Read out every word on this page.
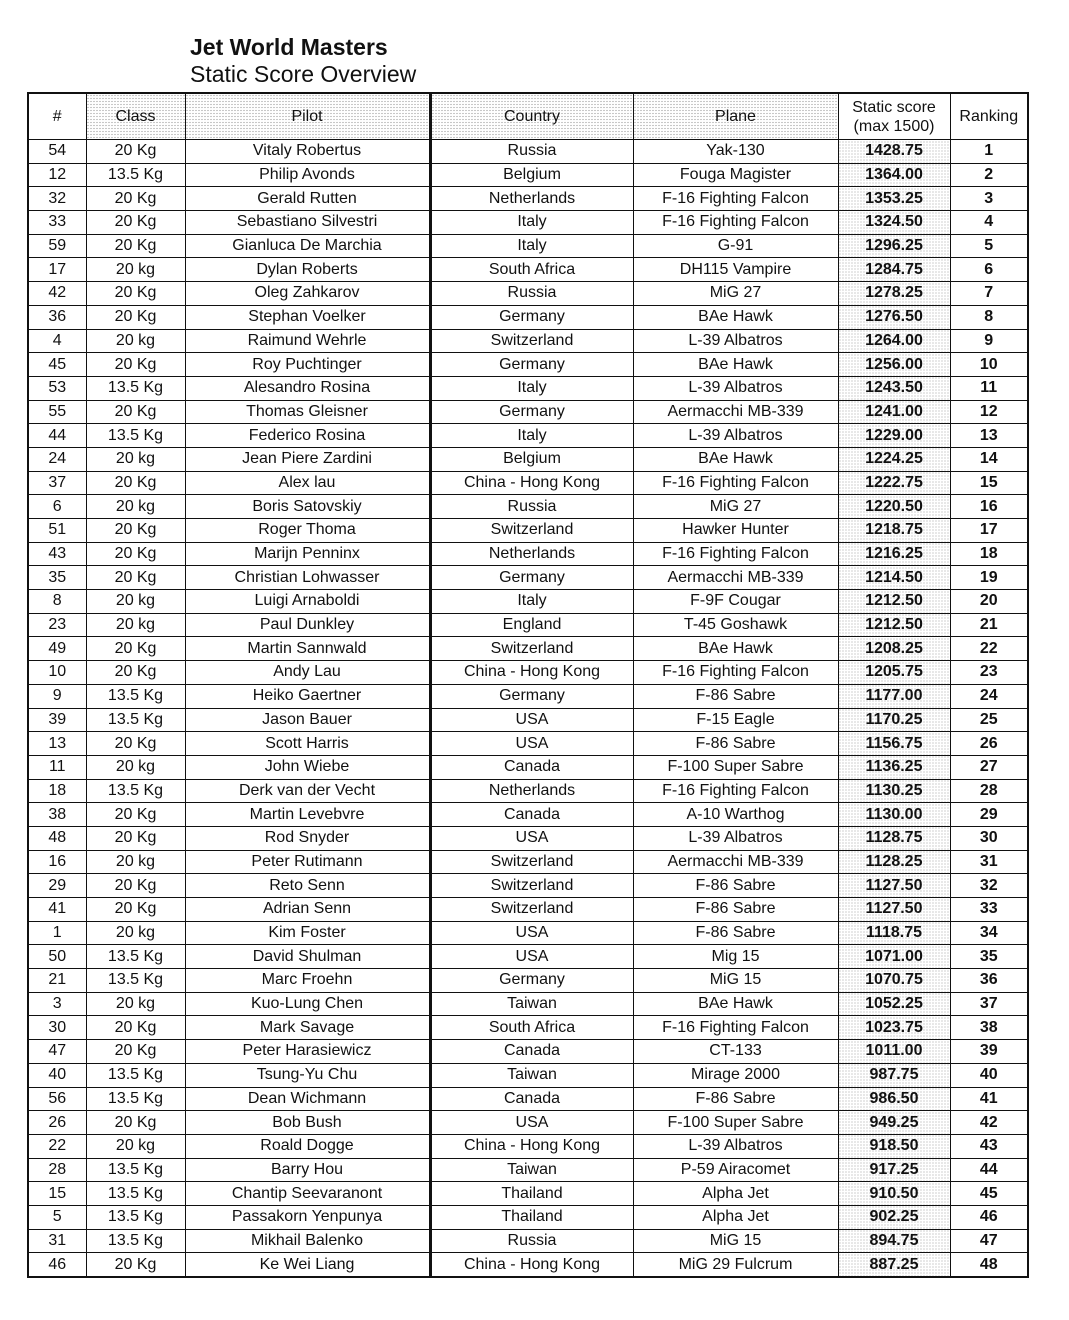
Jet World Masters
Static Score Overview
#	Class	Pilot	Country	Plane	Static score (max 1500)	Ranking
54	20 Kg	Vitaly Robertus	Russia	Yak-130	1428.75	1
12	13.5 Kg	Philip Avonds	Belgium	Fouga Magister	1364.00	2
32	20 Kg	Gerald Rutten	Netherlands	F-16 Fighting Falcon	1353.25	3
33	20 Kg	Sebastiano Silvestri	Italy	F-16 Fighting Falcon	1324.50	4
59	20 Kg	Gianluca De Marchia	Italy	G-91	1296.25	5
17	20 kg	Dylan Roberts	South Africa	DH115 Vampire	1284.75	6
42	20 Kg	Oleg Zahkarov	Russia	MiG 27	1278.25	7
36	20 Kg	Stephan Voelker	Germany	BAe Hawk	1276.50	8
4	20 kg	Raimund Wehrle	Switzerland	L-39 Albatros	1264.00	9
45	20 Kg	Roy Puchtinger	Germany	BAe Hawk	1256.00	10
53	13.5 Kg	Alesandro Rosina	Italy	L-39 Albatros	1243.50	11
55	20 Kg	Thomas Gleisner	Germany	Aermacchi MB-339	1241.00	12
44	13.5 Kg	Federico Rosina	Italy	L-39 Albatros	1229.00	13
24	20 kg	Jean Piere Zardini	Belgium	BAe Hawk	1224.25	14
37	20 Kg	Alex lau	China - Hong Kong	F-16 Fighting Falcon	1222.75	15
6	20 kg	Boris Satovskiy	Russia	MiG 27	1220.50	16
51	20 Kg	Roger Thoma	Switzerland	Hawker Hunter	1218.75	17
43	20 Kg	Marijn Penninx	Netherlands	F-16 Fighting Falcon	1216.25	18
35	20 Kg	Christian Lohwasser	Germany	Aermacchi MB-339	1214.50	19
8	20 kg	Luigi Arnaboldi	Italy	F-9F Cougar	1212.50	20
23	20 kg	Paul Dunkley	England	T-45 Goshawk	1212.50	21
49	20 Kg	Martin Sannwald	Switzerland	BAe Hawk	1208.25	22
10	20 Kg	Andy Lau	China - Hong Kong	F-16 Fighting Falcon	1205.75	23
9	13.5 Kg	Heiko Gaertner	Germany	F-86 Sabre	1177.00	24
39	13.5 Kg	Jason Bauer	USA	F-15 Eagle	1170.25	25
13	20 Kg	Scott Harris	USA	F-86 Sabre	1156.75	26
11	20 kg	John Wiebe	Canada	F-100 Super Sabre	1136.25	27
18	13.5 Kg	Derk van der Vecht	Netherlands	F-16 Fighting Falcon	1130.25	28
38	20 Kg	Martin Levebvre	Canada	A-10 Warthog	1130.00	29
48	20 Kg	Rod Snyder	USA	L-39 Albatros	1128.75	30
16	20 kg	Peter Rutimann	Switzerland	Aermacchi MB-339	1128.25	31
29	20 Kg	Reto Senn	Switzerland	F-86 Sabre	1127.50	32
41	20 Kg	Adrian Senn	Switzerland	F-86 Sabre	1127.50	33
1	20 kg	Kim Foster	USA	F-86 Sabre	1118.75	34
50	13.5 Kg	David Shulman	USA	Mig 15	1071.00	35
21	13.5 Kg	Marc Froehn	Germany	MiG 15	1070.75	36
3	20 kg	Kuo-Lung Chen	Taiwan	BAe Hawk	1052.25	37
30	20 Kg	Mark Savage	South Africa	F-16 Fighting Falcon	1023.75	38
47	20 Kg	Peter Harasiewicz	Canada	CT-133	1011.00	39
40	13.5 Kg	Tsung-Yu Chu	Taiwan	Mirage 2000	987.75	40
56	13.5 Kg	Dean Wichmann	Canada	F-86 Sabre	986.50	41
26	20 Kg	Bob Bush	USA	F-100 Super Sabre	949.25	42
22	20 kg	Roald Dogge	China - Hong Kong	L-39 Albatros	918.50	43
28	13.5 Kg	Barry Hou	Taiwan	P-59 Airacomet	917.25	44
15	13.5 Kg	Chantip Seevaranont	Thailand	Alpha Jet	910.50	45
5	13.5 Kg	Passakorn Yenpunya	Thailand	Alpha Jet	902.25	46
31	13.5 Kg	Mikhail Balenko	Russia	MiG 15	894.75	47
46	20 Kg	Ke Wei Liang	China - Hong Kong	MiG 29 Fulcrum	887.25	48
